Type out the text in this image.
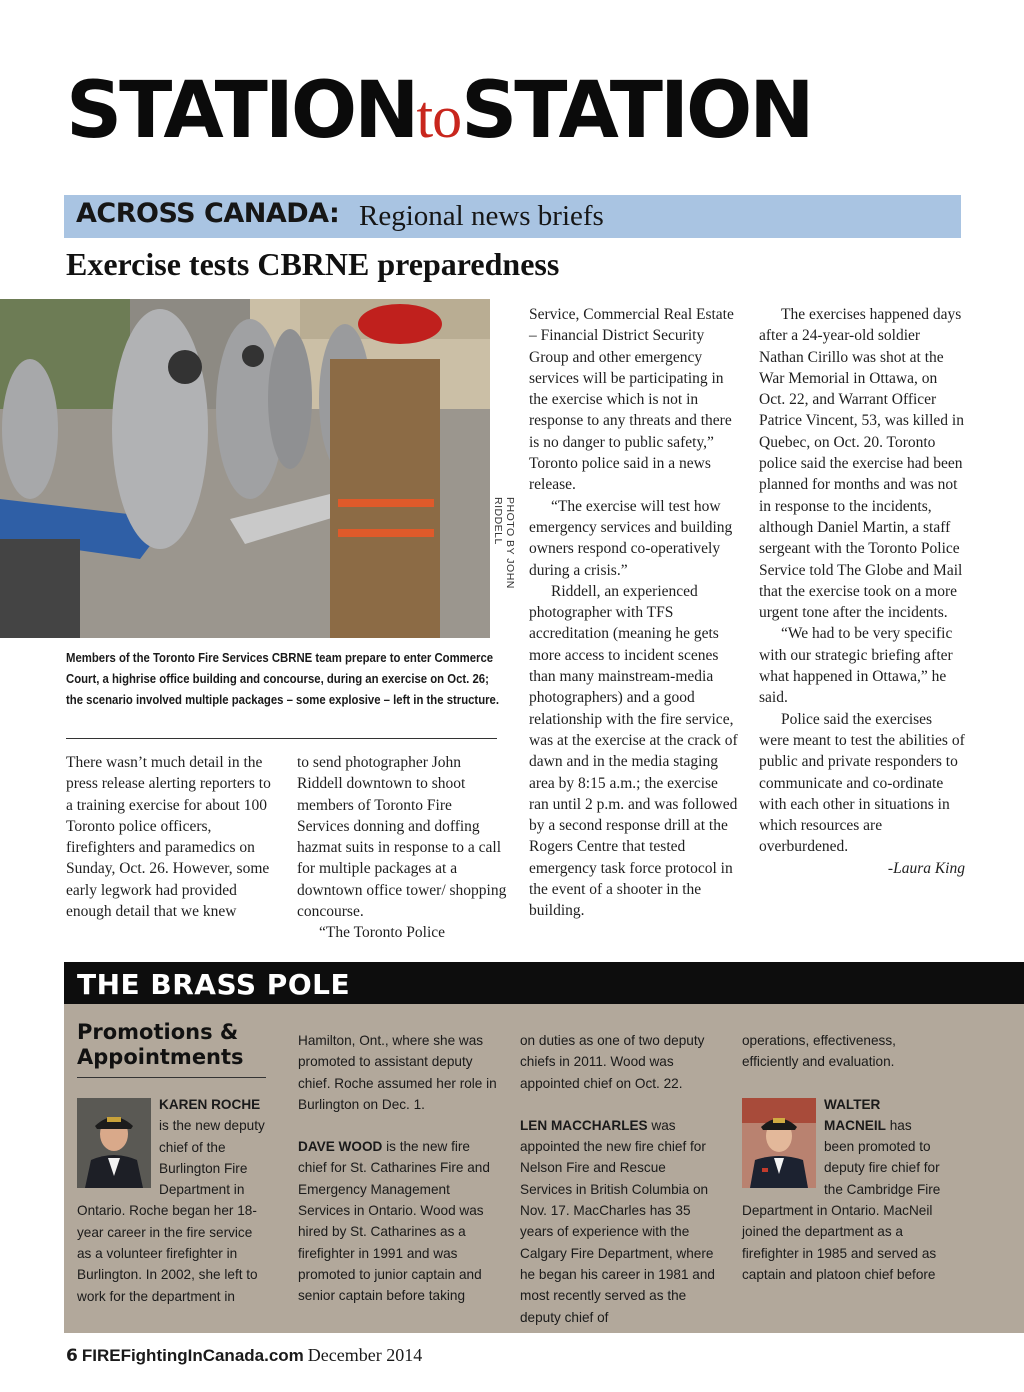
STATIONtoSTATION
ACROSS CANADA: Regional news briefs
Exercise tests CBRNE preparedness
PHOTO BY JOHN RIDDELL
Members of the Toronto Fire Services CBRNE team prepare to enter Commerce Court, a highrise office building and concourse, during an exercise on Oct. 26; the scenario involved multiple packages – some explosive – left in the structure.

There wasn’t much detail in the press release alerting reporters to a training exercise for about 100 Toronto police officers, firefighters and paramedics on Sunday, Oct. 26. However, some early legwork had provided enough detail that we knew

to send photographer John Riddell downtown to shoot members of Toronto Fire Services donning and doffing hazmat suits in response to a call for multiple packages at a downtown office tower/ shopping concourse.

“The Toronto Police

Service, Commercial Real Estate – Financial District Security Group and other emergency services will be participating in the exercise which is not in response to any threats and there is no danger to public safety,” Toronto police said in a news release.

“The exercise will test how emergency services and building owners respond co-operatively during a crisis.”

Riddell, an experienced photographer with TFS accreditation (meaning he gets more access to incident scenes than many mainstream-media photographers) and a good relationship with the fire service, was at the exercise at the crack of dawn and in the media staging area by 8:15 a.m.; the exercise ran until 2 p.m. and was followed by a second response drill at the Rogers Centre that tested emergency task force protocol in the event of a shooter in the building.

The exercises happened days after a 24-year-old soldier Nathan Cirillo was shot at the War Memorial in Ottawa, on Oct. 22, and Warrant Officer Patrice Vincent, 53, was killed in Quebec, on Oct. 20. Toronto police said the exercise had been planned for months and was not in response to the incidents, although Daniel Martin, a staff sergeant with the Toronto Police Service told The Globe and Mail that the exercise took on a more urgent tone after the incidents.

“We had to be very specific with our strategic briefing after what happened in Ottawa,” he said.

Police said the exercises were meant to test the abilities of public and private responders to communicate and co-ordinate with each other in situations in which resources are overburdened.

-Laura King

THE BRASS POLE
Promotions &
Appointments

KAREN ROCHE is the new deputy chief of the Burlington Fire Department in Ontario. Roche began her 18-year career in the fire service as a volunteer firefighter in Burlington. In 2002, she left to work for the department in

Hamilton, Ont., where she was promoted to assistant deputy chief. Roche assumed her role in Burlington on Dec. 1.

DAVE WOOD is the new fire chief for St. Catharines Fire and Emergency Management Services in Ontario. Wood was hired by St. Catharines as a firefighter in 1991 and was promoted to junior captain and senior captain before taking

on duties as one of two deputy chiefs in 2011. Wood was appointed chief on Oct. 22.

LEN MACCHARLES was appointed the new fire chief for Nelson Fire and Rescue Services in British Columbia on Nov. 17. MacCharles has 35 years of experience with the Calgary Fire Department, where he began his career in 1981 and most recently served as the deputy chief of

operations, effectiveness, efficiently and evaluation.

WALTER MACNEIL has been promoted to deputy fire chief for the Cambridge Fire Department in Ontario. MacNeil joined the department as a firefighter in 1985 and served as captain and platoon chief before

6 FIREFightingInCanada.com December 2014
